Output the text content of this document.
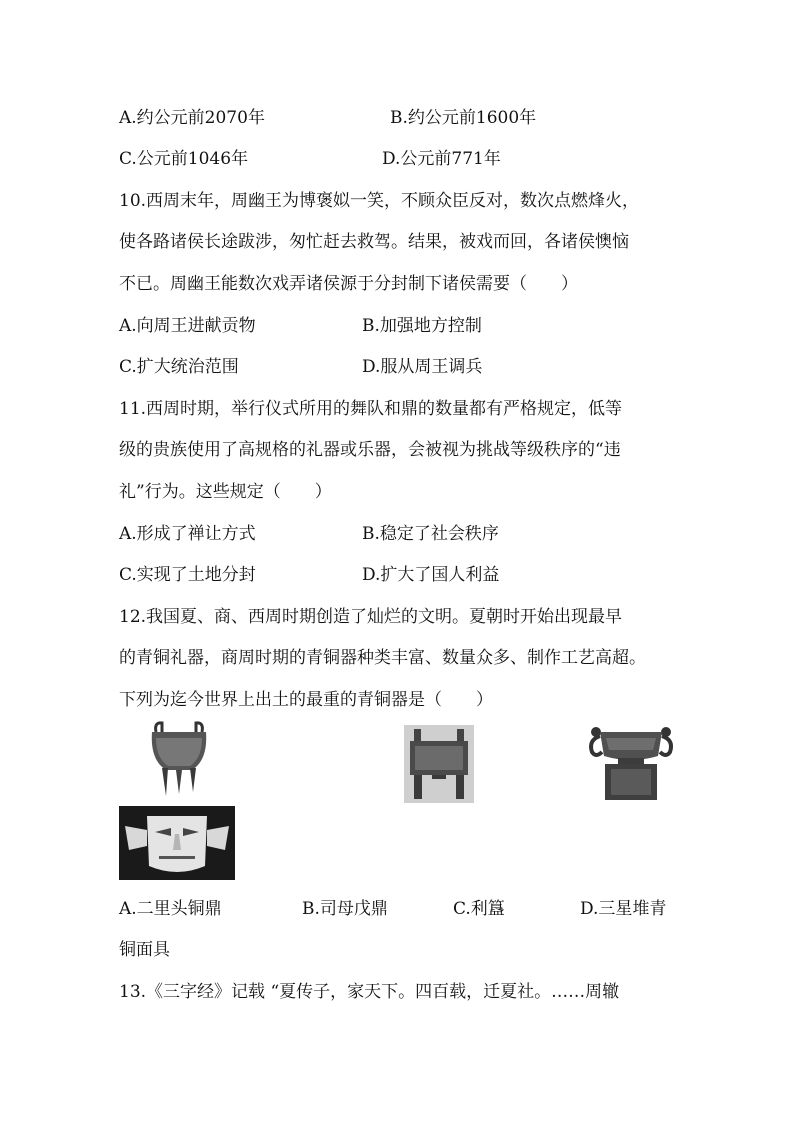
A.约公元前2070年	B.约公元前1600年
C.公元前1046年	D.公元前771年
10.西周末年，周幽王为博褒姒一笑，不顾众臣反对，数次点燃烽火，
使各路诸侯长途跋涉，匆忙赶去救驾。结果，被戏而回，各诸侯懊恼
不已。周幽王能数次戏弄诸侯源于分封制下诸侯需要（　　）
A.向周王进献贡物	B.加强地方控制
C.扩大统治范围	D.服从周王调兵
11.西周时期，举行仪式所用的舞队和鼎的数量都有严格规定，低等
级的贵族使用了高规格的礼器或乐器，会被视为挑战等级秩序的“违
礼”行为。这些规定（　　）
A.形成了禅让方式	B.稳定了社会秩序
C.实现了土地分封	D.扩大了国人利益
12.我国夏、商、西周时期创造了灿烂的文明。夏朝时开始出现最早
的青铜礼器，商周时期的青铜器种类丰富、数量众多、制作工艺高超。
下列为迄今世界上出土的最重的青铜器是（　　）
A.二里头铜鼎	B.司母戊鼎	C.利簋	D.三星堆青
铜面具
13.《三字经》记载 “夏传子，家天下。四百载，迁夏社。……周辙
